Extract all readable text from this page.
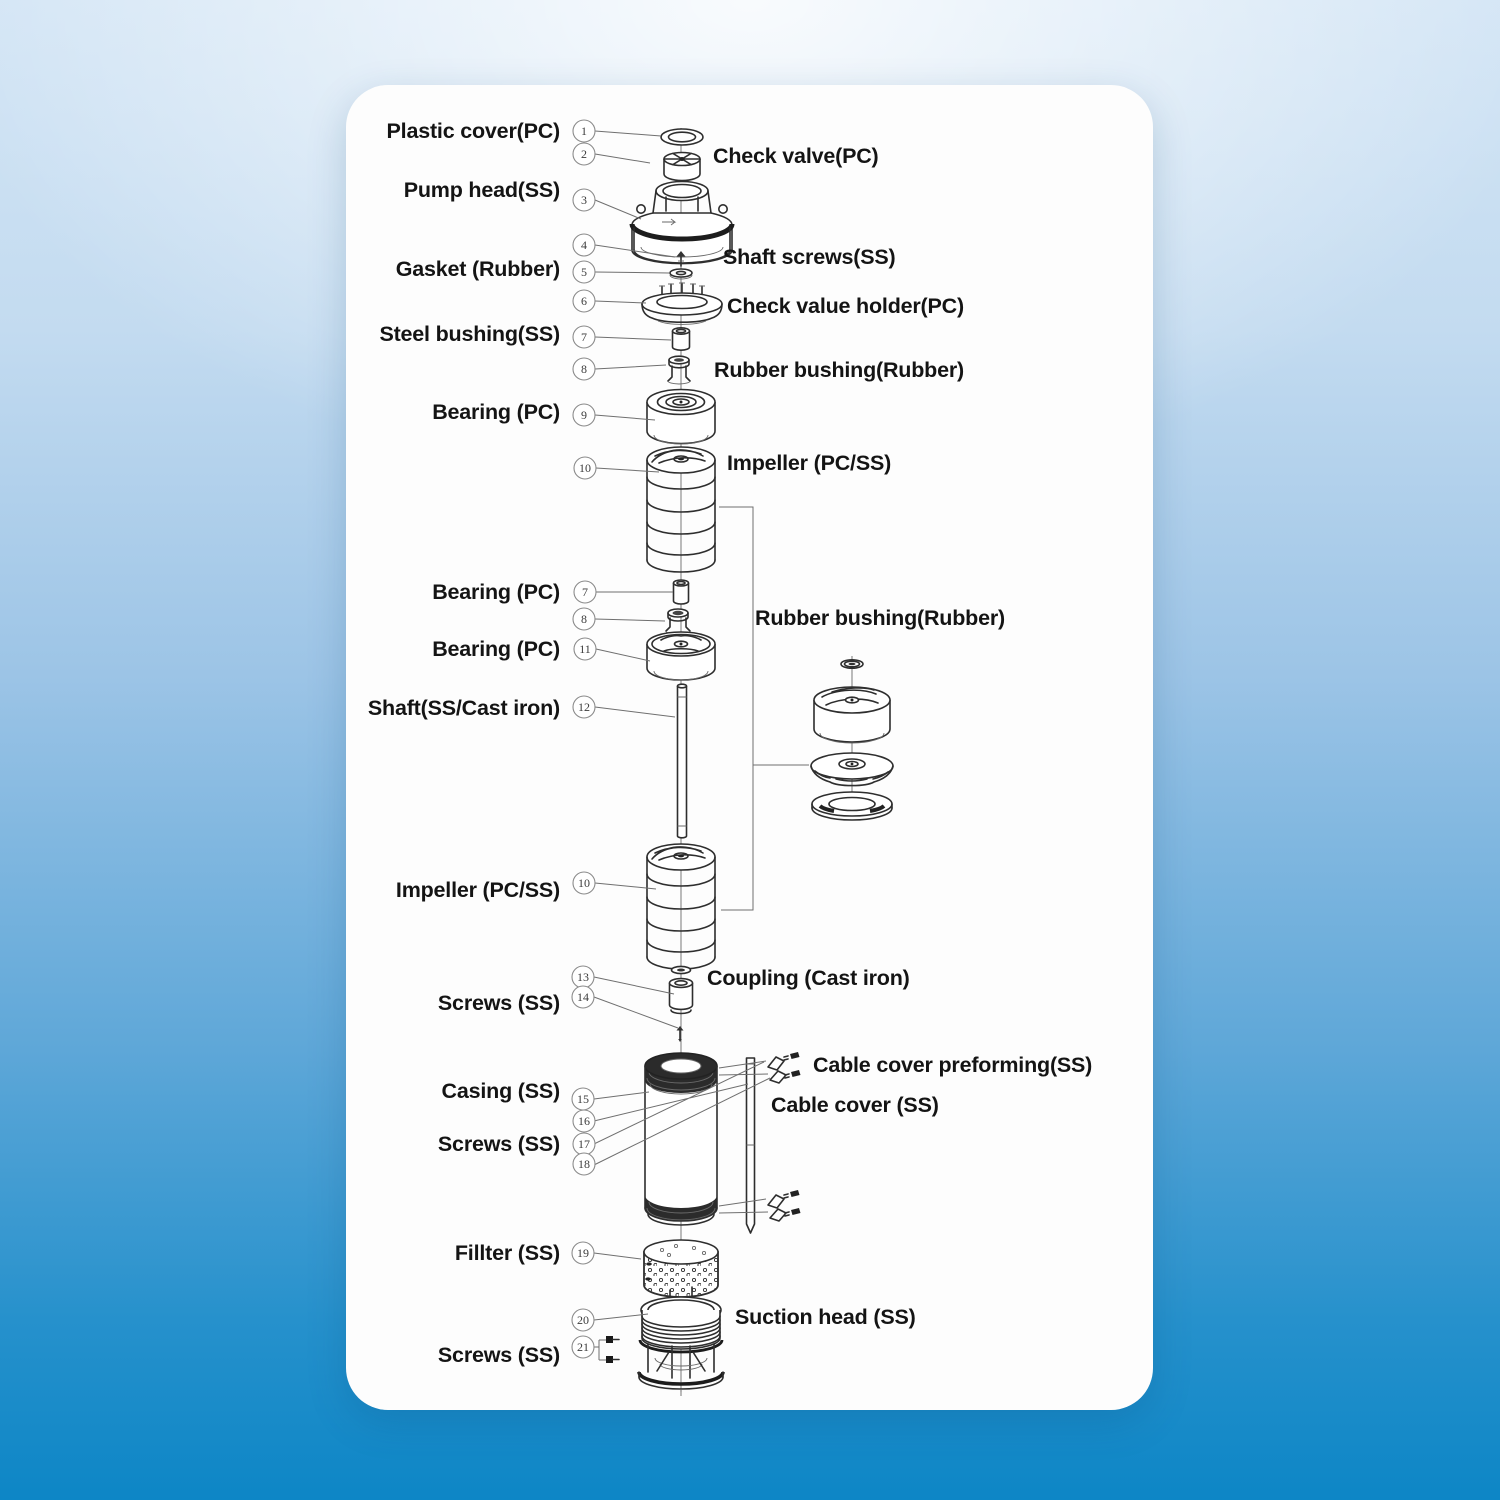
1
2
3
4
5
6
7
8
9
10
7
8
11
12
10
13
14
15
16
17
18
19
20
21
Plastic cover(PC)
Check valve(PC)
Pump head(SS)
Shaft screws(SS)
Gasket (Rubber)
Check value holder(PC)
Steel bushing(SS)
Rubber bushing(Rubber)
Bearing (PC)
Impeller (PC/SS)
Bearing (PC)
Rubber bushing(Rubber)
Bearing (PC)
Shaft(SS/Cast iron)
Impeller (PC/SS)
Coupling (Cast iron)
Screws (SS)
Casing (SS)
Cable cover preforming(SS)
Cable cover (SS)
Screws (SS)
Fillter (SS)
Suction head (SS)
Screws (SS)
